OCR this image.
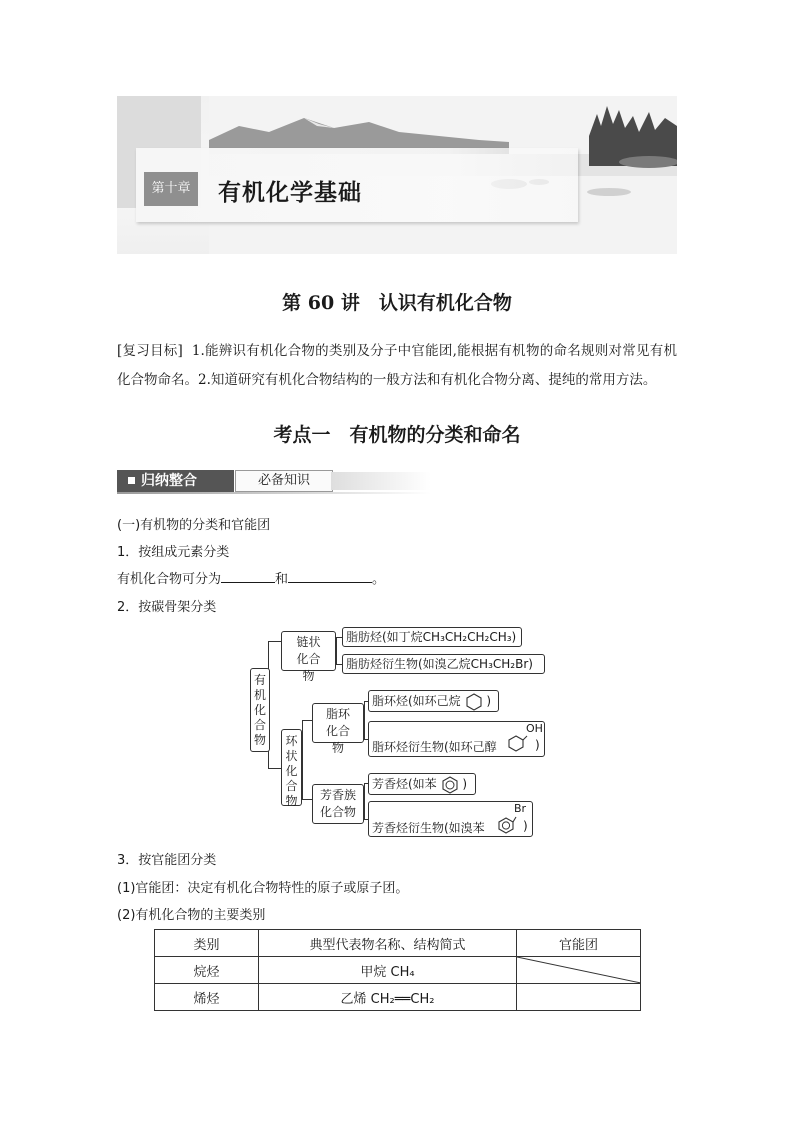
第十章	有机化学基础
第 60 讲　认识有机化合物
[复习目标] 1.能辨识有机化合物的类别及分子中官能团,能根据有机物的命名规则对常见有机化合物命名。2.知道研究有机化合物结构的一般方法和有机化合物分离、提纯的常用方法。
考点一　有机物的分类和命名
归纳整合	必备知识
(一)有机物的分类和官能团
1．按组成元素分类
有机化合物可分为	和	。
2．按碳骨架分类
有机化合物
链状化合物
脂肪烃(如丁烷CH₃CH₂CH₂CH₃)
脂肪烃衍生物(如溴乙烷CH₃CH₂Br)
环状化合物
脂环化合物
脂环烃(如环己烷 )
脂环烃衍生物(如环己醇
OH
)
芳香族化合物
芳香烃(如苯 )
芳香烃衍生物(如溴苯
Br
)
3．按官能团分类
(1)官能团：决定有机化合物特性的原子或原子团。
(2)有机化合物的主要类别
类别	典型代表物名称、结构简式	官能团
烷烃	甲烷 CH₄	

烯烃	乙烯 CH₂══CH₂	
